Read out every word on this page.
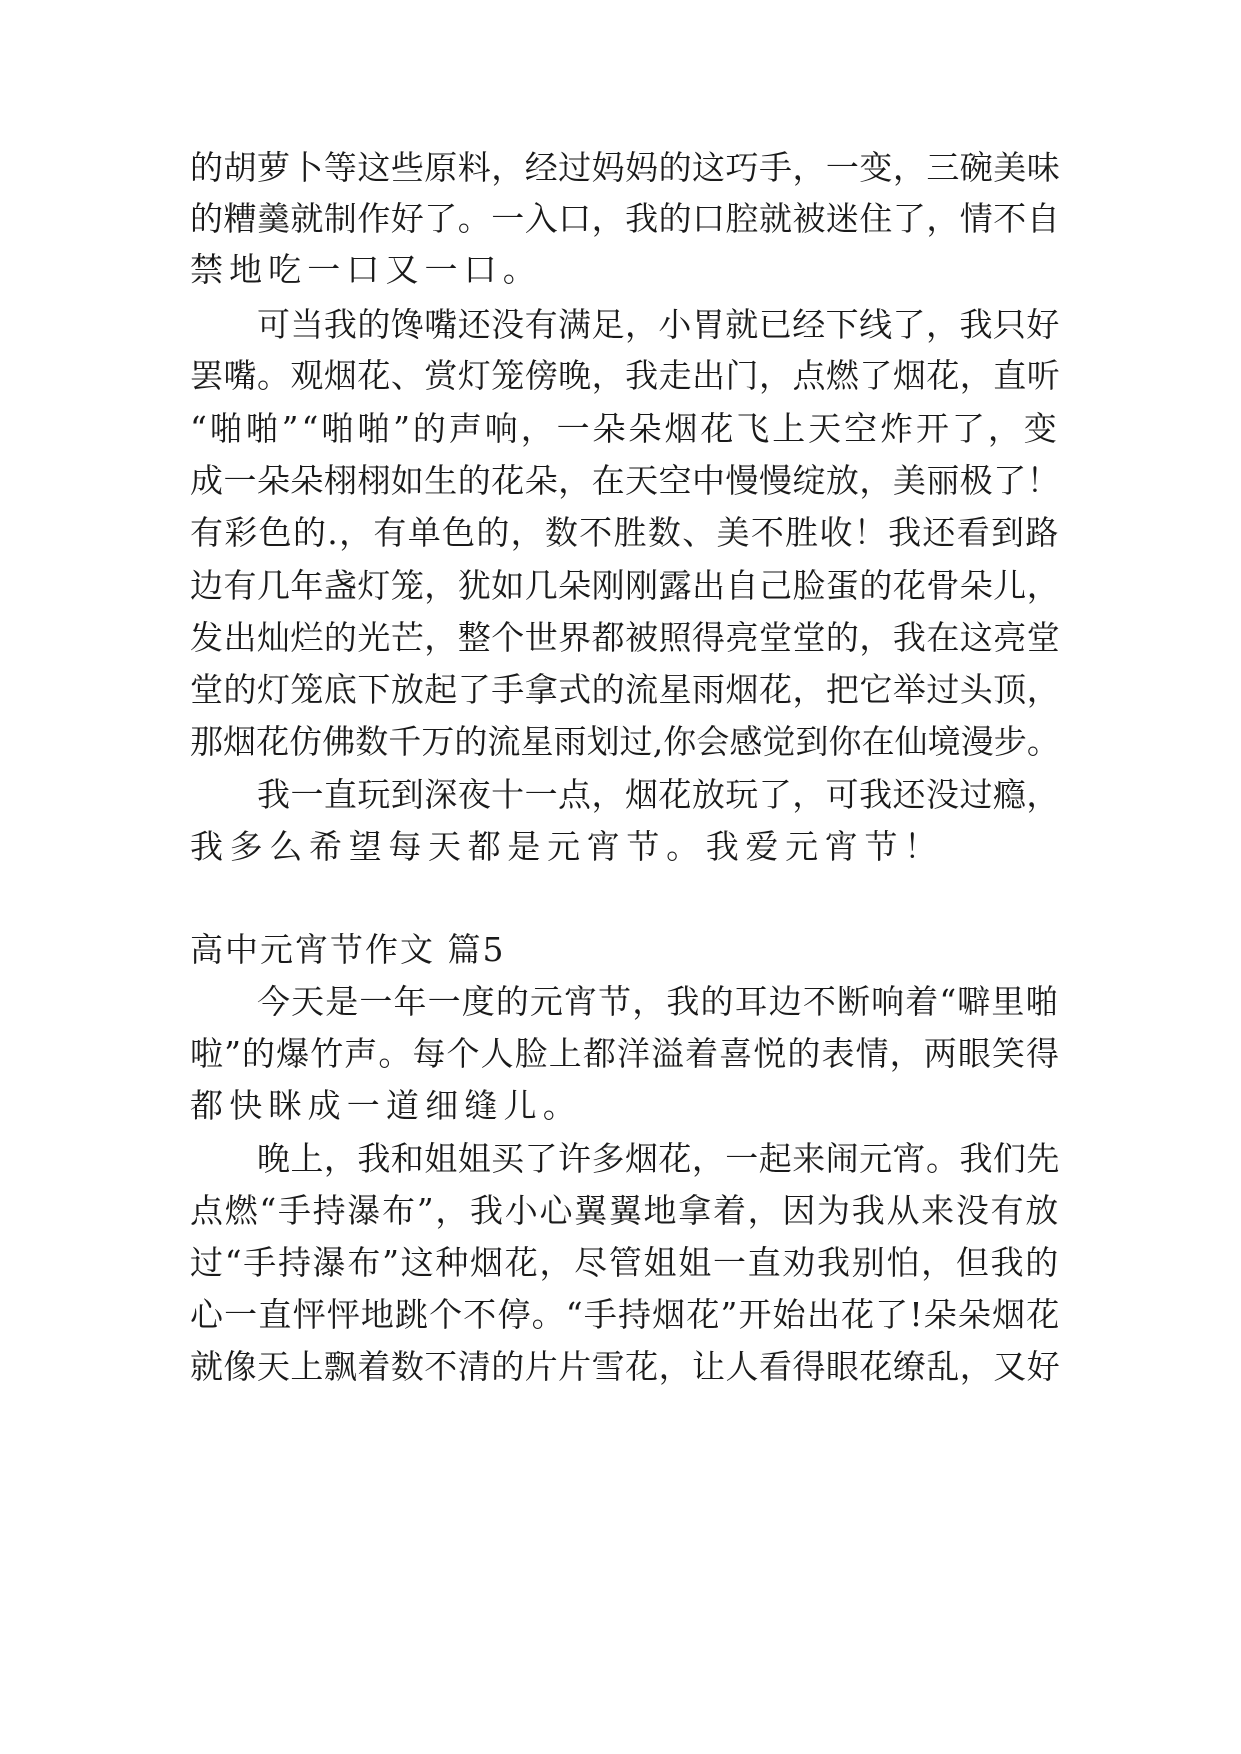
的胡萝卜等这些原料，经过妈妈的这巧手，一变，三碗美味
的糟羹就制作好了。一入口，我的口腔就被迷住了，情不自
禁地吃一口又一口。
可当我的馋嘴还没有满足，小胃就已经下线了，我只好
罢嘴。观烟花、赏灯笼傍晚，我走出门，点燃了烟花，直听
“啪啪”“啪啪”的声响，一朵朵烟花飞上天空炸开了，变
成一朵朵栩栩如生的花朵，在天空中慢慢绽放，美丽极了！
有彩色的.，有单色的，数不胜数、美不胜收！我还看到路
边有几年盏灯笼，犹如几朵刚刚露出自己脸蛋的花骨朵儿，
发出灿烂的光芒，整个世界都被照得亮堂堂的，我在这亮堂
堂的灯笼底下放起了手拿式的流星雨烟花，把它举过头顶，
那烟花仿佛数千万的流星雨划过,你会感觉到你在仙境漫步。
我一直玩到深夜十一点，烟花放玩了，可我还没过瘾，
我多么希望每天都是元宵节。我爱元宵节！
高中元宵节作文 篇5
今天是一年一度的元宵节，我的耳边不断响着“噼里啪
啦”的爆竹声。每个人脸上都洋溢着喜悦的表情，两眼笑得
都快眯成一道细缝儿。
晚上，我和姐姐买了许多烟花，一起来闹元宵。我们先
点燃“手持瀑布”，我小心翼翼地拿着，因为我从来没有放
过“手持瀑布”这种烟花，尽管姐姐一直劝我别怕，但我的
心一直怦怦地跳个不停。“手持烟花”开始出花了!朵朵烟花
就像天上飘着数不清的片片雪花，让人看得眼花缭乱，又好
